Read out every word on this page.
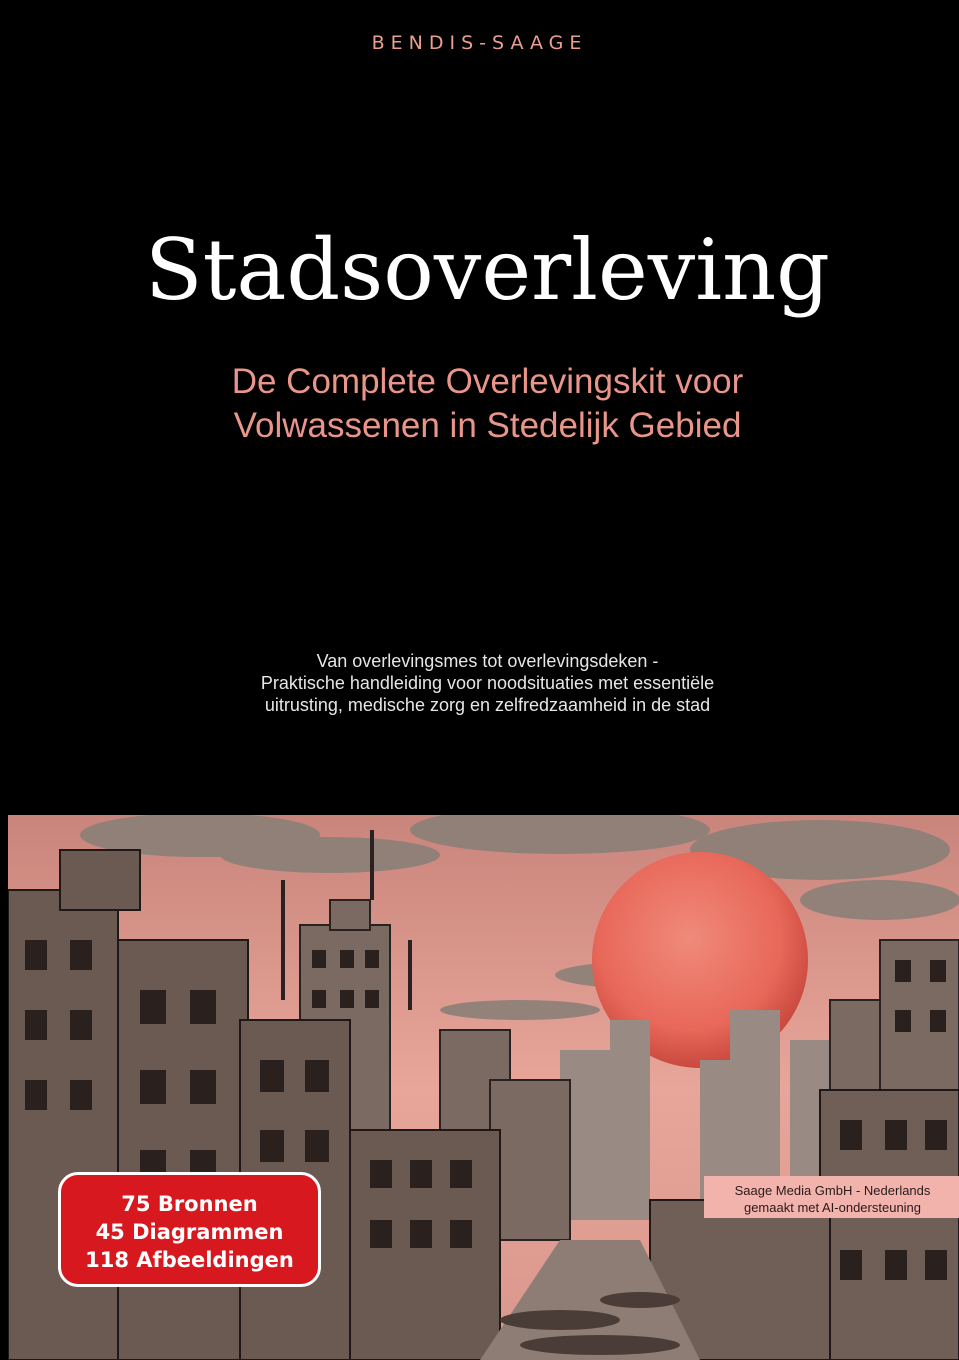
BENDIS-SAAGE
Stadsoverleving
De Complete Overlevingskit voor
Volwassenen in Stedelijk Gebied
Van overlevingsmes tot overlevingsdeken -
Praktische handleiding voor noodsituaties met essentiële
uitrusting, medische zorg en zelfredzaamheid in de stad
75 Bronnen
45 Diagrammen
118 Afbeeldingen
Saage Media GmbH - Nederlands
gemaakt met AI-ondersteuning
